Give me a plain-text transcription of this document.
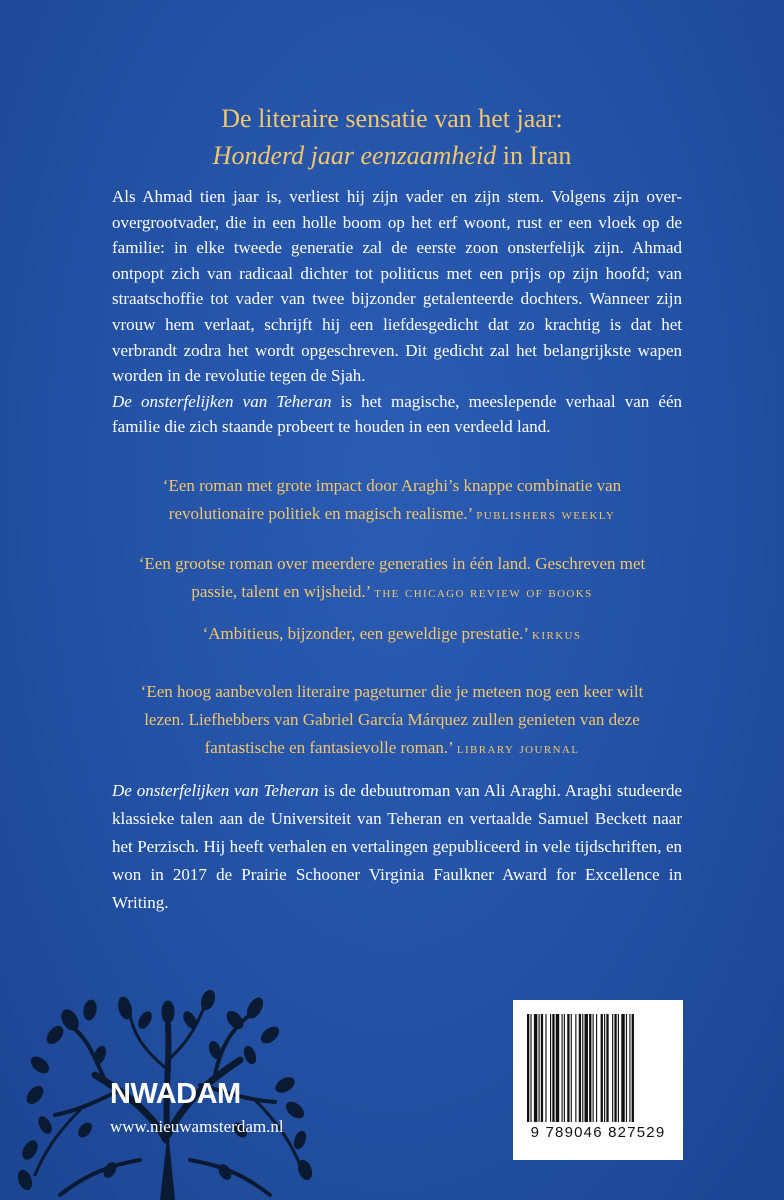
De literaire sensatie van het jaar:
Honderd jaar eenzaamheid in Iran

Als Ahmad tien jaar is, verliest hij zijn vader en zijn stem. Volgens zijn over-overgrootvader, die in een holle boom op het erf woont, rust er een vloek op de familie: in elke tweede generatie zal de eerste zoon onsterfelijk zijn. Ahmad ontpopt zich van radicaal dichter tot politicus met een prijs op zijn hoofd; van straatschoffie tot vader van twee bijzonder getalenteerde dochters. Wanneer zijn vrouw hem verlaat, schrijft hij een liefdesgedicht dat zo krachtig is dat het verbrandt zodra het wordt opgeschreven. Dit gedicht zal het belangrijkste wapen worden in de revolutie tegen de Sjah.

De onsterfelijken van Teheran is het magische, meeslepende verhaal van één familie die zich staande probeert te houden in een verdeeld land.

‘Een roman met grote impact door Araghi’s knappe combinatie van revolutionaire politiek en magisch realisme.’ publishers weekly
‘Een grootse roman over meerdere generaties in één land. Geschreven met passie, talent en wijsheid.’ the chicago review of books
‘Ambitieus, bijzonder, een geweldige prestatie.’ kirkus
‘Een hoog aanbevolen literaire pageturner die je meteen nog een keer wilt lezen. Liefhebbers van Gabriel García Márquez zullen genieten van deze fantastische en fantasievolle roman.’ library journal

De onsterfelijken van Teheran is de debuutroman van Ali Araghi. Araghi studeerde klassieke talen aan de Universiteit van Teheran en vertaalde Samuel Beckett naar het Perzisch. Hij heeft verhalen en vertalingen gepubliceerd in vele tijdschriften, en won in 2017 de Prairie Schooner Virginia Faulkner Award for Excellence in Writing.

NWADAM
www.nieuwamsterdam.nl	9 789046 827529
